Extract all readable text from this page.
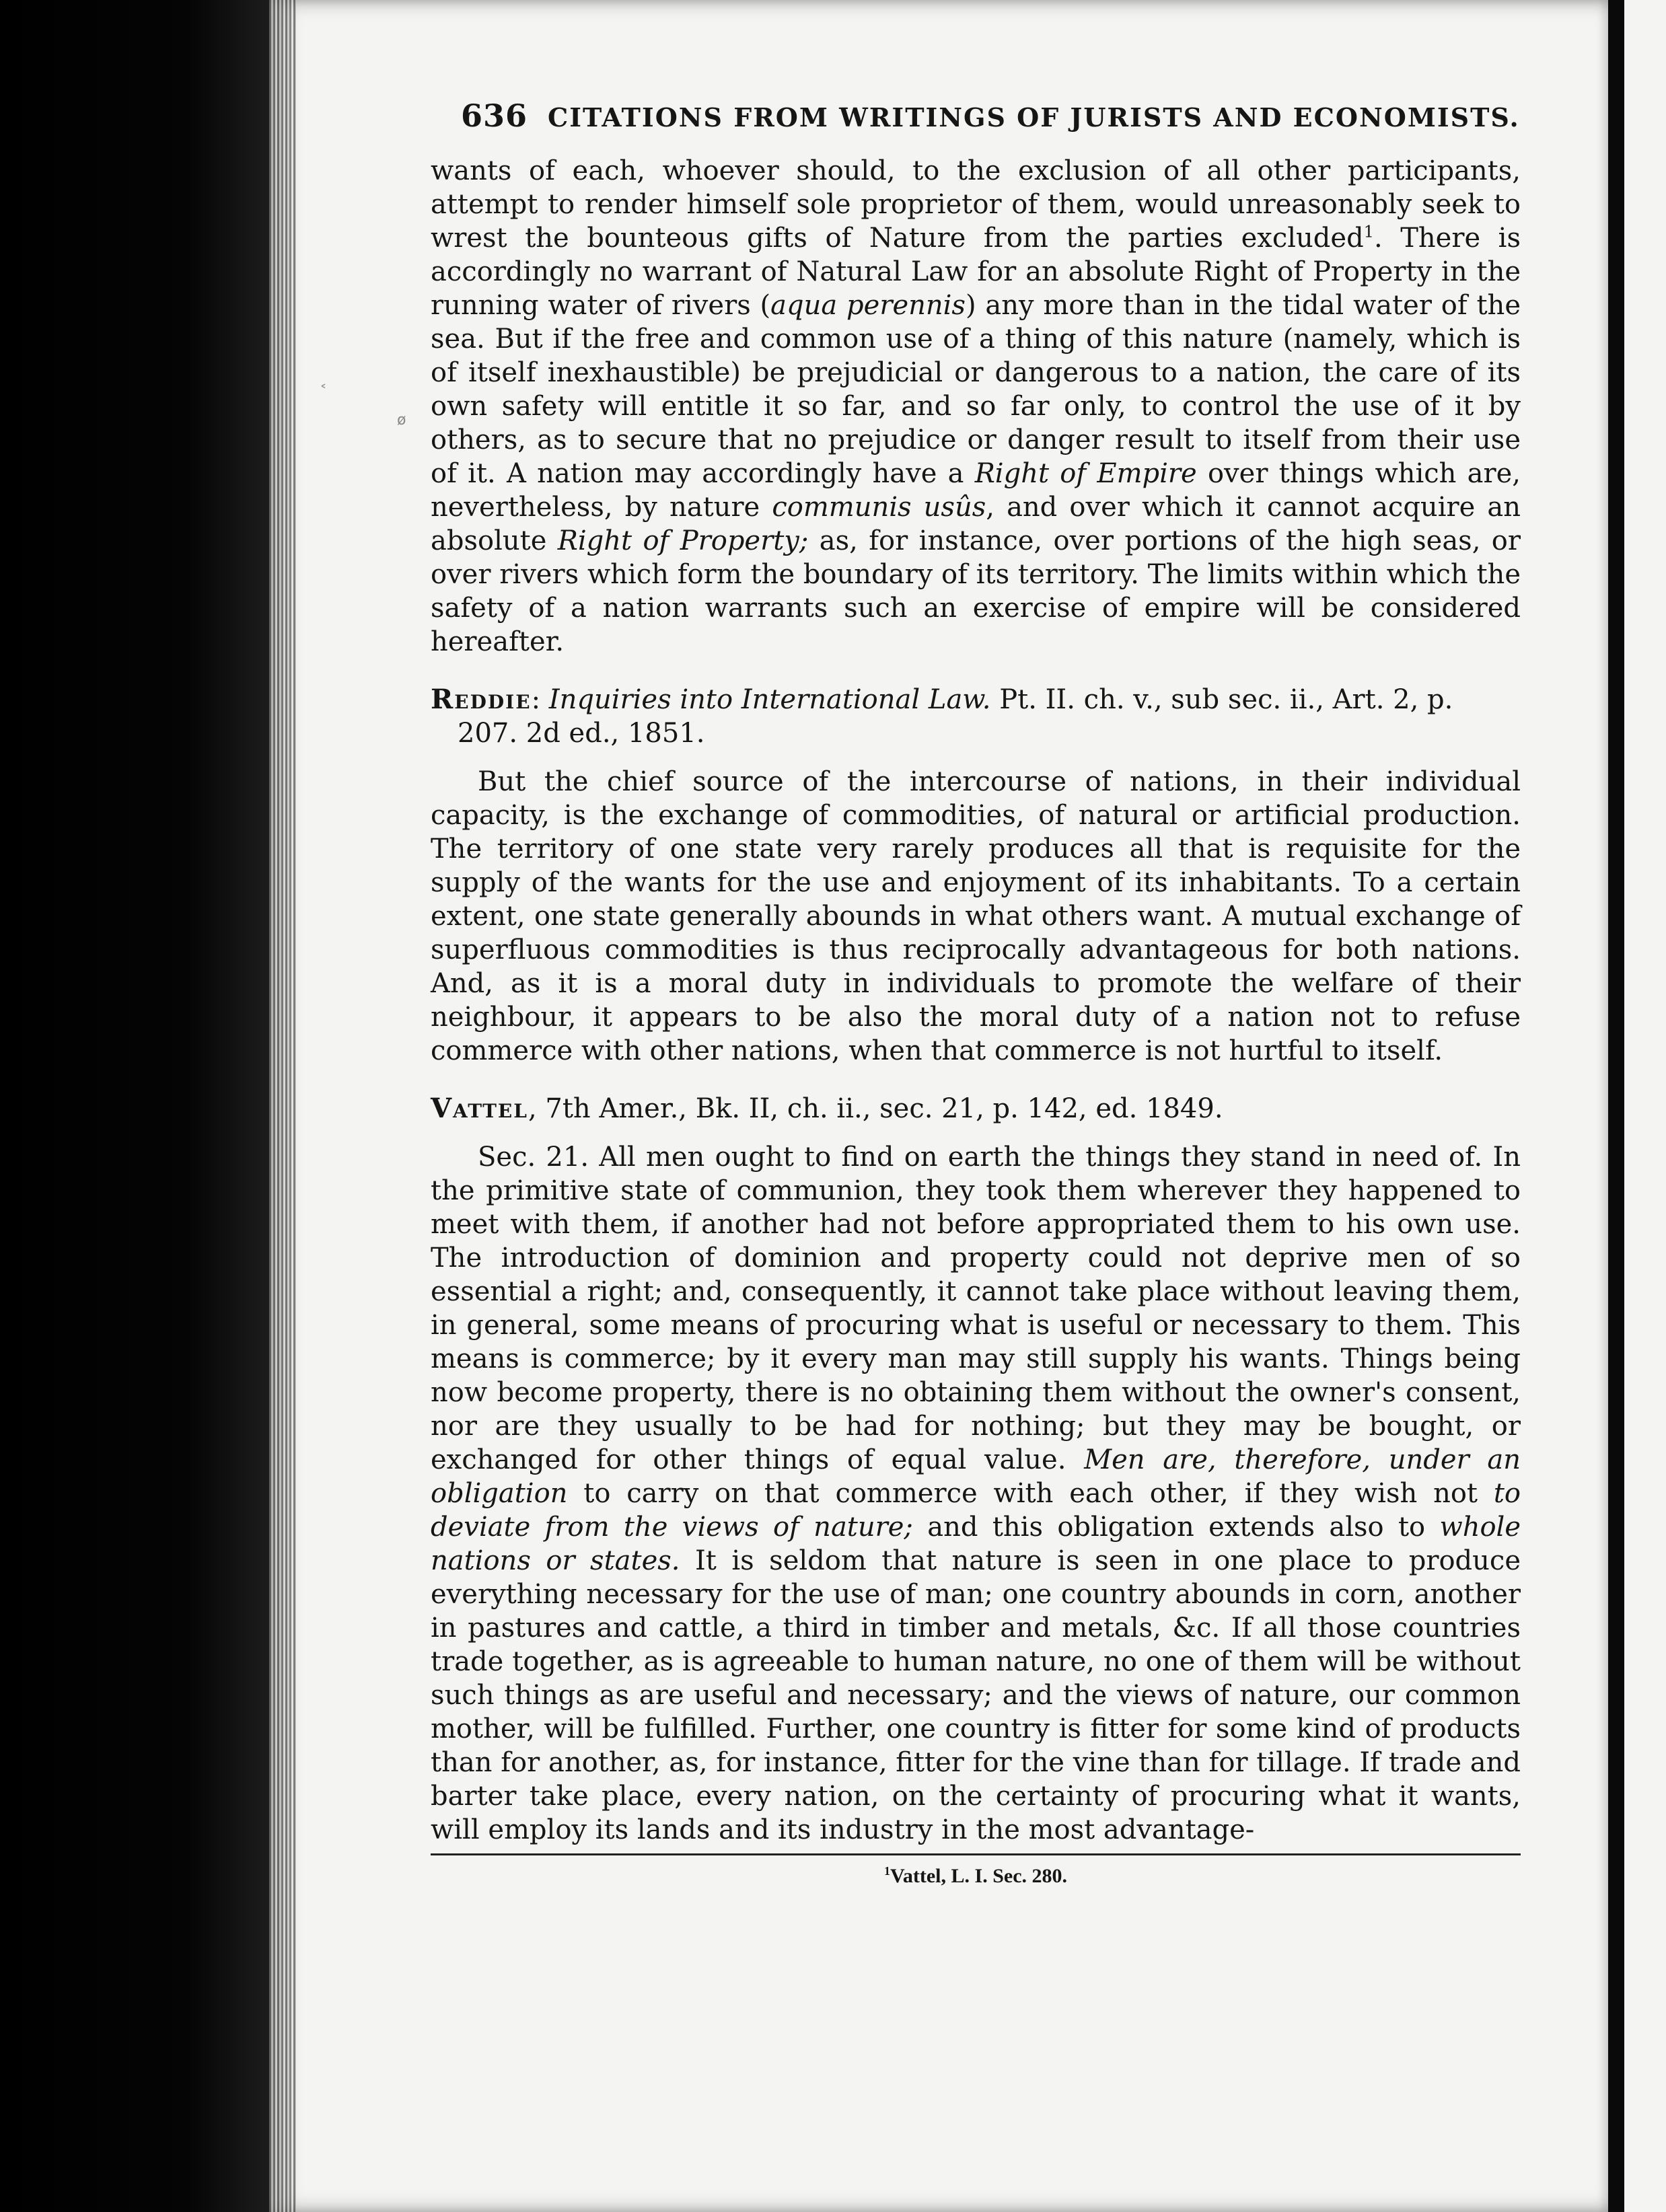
˂
ø
636 CITATIONS FROM WRITINGS OF JURISTS AND ECONOMISTS.

wants of each, whoever should, to the exclusion of all other participants, attempt to render himself sole proprietor of them, would unreasonably seek to wrest the bounteous gifts of Nature from the parties excluded$^1$. There is accordingly no warrant of Natural Law for an absolute Right of Property in the running water of rivers (aqua perennis) any more than in the tidal water of the sea. But if the free and common use of a thing of this nature (namely, which is of itself inexhaustible) be prejudicial or dangerous to a nation, the care of its own safety will entitle it so far, and so far only, to control the use of it by others, as to secure that no prejudice or danger result to itself from their use of it. A nation may accordingly have a Right of Empire over things which are, nevertheless, by nature communis usûs, and over which it cannot acquire an absolute Right of Property; as, for instance, over portions of the high seas, or over rivers which form the boundary of its territory. The limits within which the safety of a nation warrants such an exercise of empire will be considered hereafter.

Reddie: Inquiries into International Law. Pt. II. ch. v., sub sec. ii., Art. 2, p. 207. 2d ed., 1851.

But the chief source of the intercourse of nations, in their individual capacity, is the exchange of commodities, of natural or artificial production. The territory of one state very rarely produces all that is requisite for the supply of the wants for the use and enjoyment of its inhabitants. To a certain extent, one state generally abounds in what others want. A mutual exchange of superfluous commodities is thus reciprocally advantageous for both nations. And, as it is a moral duty in individuals to promote the welfare of their neighbour, it appears to be also the moral duty of a nation not to refuse commerce with other nations, when that commerce is not hurtful to itself.

Vattel, 7th Amer., Bk. II, ch. ii., sec. 21, p. 142, ed. 1849.

Sec. 21. All men ought to find on earth the things they stand in need of. In the primitive state of communion, they took them wherever they happened to meet with them, if another had not before appropriated them to his own use. The introduction of dominion and property could not deprive men of so essential a right; and, consequently, it cannot take place without leaving them, in general, some means of procuring what is useful or necessary to them. This means is commerce; by it every man may still supply his wants. Things being now become property, there is no obtaining them without the owner's consent, nor are they usually to be had for nothing; but they may be bought, or exchanged for other things of equal value. Men are, therefore, under an obligation to carry on that commerce with each other, if they wish not to deviate from the views of nature; and this obligation extends also to whole nations or states. It is seldom that nature is seen in one place to produce everything necessary for the use of man; one country abounds in corn, another in pastures and cattle, a third in timber and metals, &c. If all those countries trade together, as is agreeable to human nature, no one of them will be without such things as are useful and necessary; and the views of nature, our common mother, will be fulfilled. Further, one country is fitter for some kind of products than for another, as, for instance, fitter for the vine than for tillage. If trade and barter take place, every nation, on the certainty of procuring what it wants, will employ its lands and its industry in the most advantage-

$^1$Vattel, L. I. Sec. 280.
